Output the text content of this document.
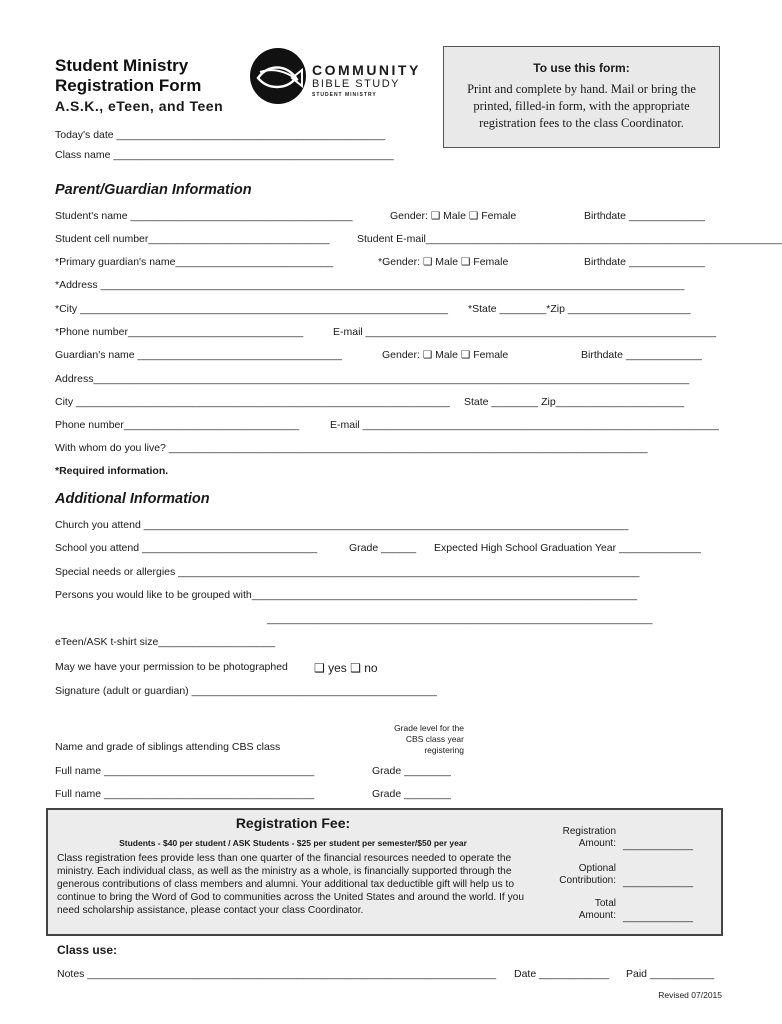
Student Ministry
Registration Form
A.S.K., eTeen, and Teen
COMMUNITY
BIBLE STUDY
STUDENT MINISTRY
To use this form:
Print and complete by hand. Mail or bring the printed, filled-in form, with the appropriate registration fees to the class Coordinator.
Today's date ______________________________________________
Class name ________________________________________________
Parent/Guardian Information
Student's name ______________________________________	Gender: ❑ Male ❑ Female	Birthdate _____________
Student cell number_______________________________	Student E-mail_____________________________________________________________
*Primary guardian's name___________________________	*Gender: ❑ Male ❑ Female	Birthdate _____________
*Address ____________________________________________________________________________________________________
*City _______________________________________________________________	*State ________*Zip _____________________
*Phone number______________________________	E-mail ____________________________________________________________
Guardian's name ___________________________________	Gender: ❑ Male ❑ Female	Birthdate _____________
Address______________________________________________________________________________________________________
City ________________________________________________________________	State ________ Zip______________________
Phone number______________________________	E-mail _____________________________________________________________
With whom do you live? __________________________________________________________________________________
*Required information.
Additional Information
Church you attend ___________________________________________________________________________________
School you attend ______________________________	Grade ______ Expected High School Graduation Year ______________
Special needs or allergies _______________________________________________________________________________
Persons you would like to be grouped with__________________________________________________________________
__________________________________________________________________
eTeen/ASK t-shirt size____________________
May we have your permission to be photographed ❑ yes ❑ no
Signature (adult or guardian) __________________________________________
Grade level for the
CBS class year
registering
Name and grade of siblings attending CBS class
Full name ____________________________________	Grade ________
Full name ____________________________________	Grade ________
Registration Fee:
Students - $40 per student / ASK Students - $25 per student per semester/$50 per year
Class registration fees provide less than one quarter of the financial resources needed to operate the ministry. Each individual class, as well as the ministry as a whole, is financially supported through the generous contributions of class members and alumni. Your additional tax deductible gift will help us to continue to bring the Word of God to communities across the United States and around the world. If you need scholarship assistance, please contact your class Coordinator.
Registration
Amount: ____________
Optional
Contribution: ____________
Total
Amount: ____________
Class use:
Notes ______________________________________________________________________	Date ____________ Paid ___________
Revised 07/2015
